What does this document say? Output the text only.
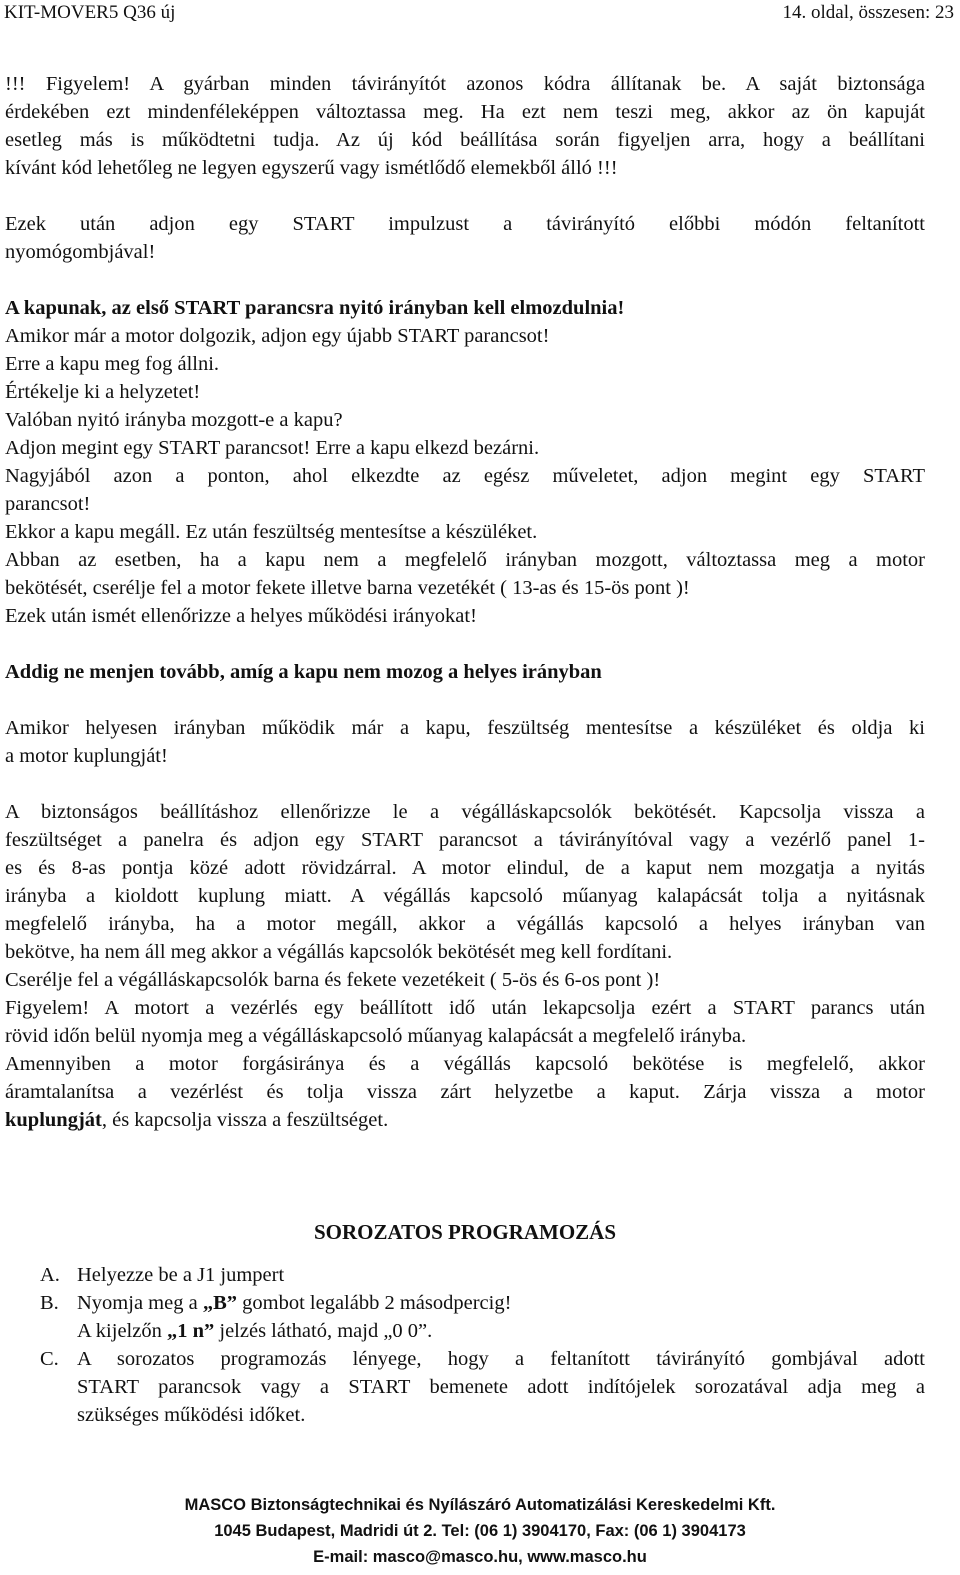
KIT-MOVER5 Q36 új	14. oldal, összesen: 23

!!! Figyelem! A gyárban minden távirányítót azonos kódra állítanak be. A saját biztonsága

érdekében ezt mindenféleképpen változtassa meg. Ha ezt nem teszi meg, akkor az ön kapuját

esetleg más is működtetni tudja. Az új kód beállítása során figyeljen arra, hogy a beállítani

kívánt kód lehetőleg ne legyen egyszerű vagy ismétlődő elemekből álló !!!

Ezek után adjon egy START impulzust a távirányító előbbi módón feltanított

nyomógombjával!

A kapunak, az első START parancsra nyitó irányban kell elmozdulnia!

Amikor már a motor dolgozik, adjon egy újabb START parancsot!

Erre a kapu meg fog állni.

Értékelje ki a helyzetet!

Valóban nyitó irányba mozgott-e a kapu?

Adjon megint egy START parancsot! Erre a kapu elkezd bezárni.

Nagyjából azon a ponton, ahol elkezdte az egész műveletet, adjon megint egy START

parancsot!

Ekkor a kapu megáll. Ez után feszültség mentesítse a készüléket.

Abban az esetben, ha a kapu nem a megfelelő irányban mozgott, változtassa meg a motor

bekötését, cserélje fel a motor fekete illetve barna vezetékét ( 13-as és 15-ös pont )!

Ezek után ismét ellenőrizze a helyes működési irányokat!

Addig ne menjen tovább, amíg a kapu nem mozog a helyes irányban

Amikor helyesen irányban működik már a kapu, feszültség mentesítse a készüléket és oldja ki

a motor kuplungját!

A biztonságos beállításhoz ellenőrizze le a végálláskapcsolók bekötését. Kapcsolja vissza a

feszültséget a panelra és adjon egy START parancsot a távirányítóval vagy a vezérlő panel 1-

es és 8-as pontja közé adott rövidzárral. A motor elindul, de a kaput nem mozgatja a nyitás

irányba a kioldott kuplung miatt. A végállás kapcsoló műanyag kalapácsát tolja a nyitásnak

megfelelő irányba, ha a motor megáll, akkor a végállás kapcsoló a helyes irányban van

bekötve, ha nem áll meg akkor a végállás kapcsolók bekötését meg kell fordítani.

Cserélje fel a végálláskapcsolók barna és fekete vezetékeit ( 5-ös és 6-os pont )!

Figyelem! A motort a vezérlés egy beállított idő után lekapcsolja ezért a START parancs után

rövid időn belül nyomja meg a végálláskapcsoló műanyag kalapácsát a megfelelő irányba.

Amennyiben a motor forgásiránya és a végállás kapcsoló bekötése is megfelelő, akkor

áramtalanítsa a vezérlést és tolja vissza zárt helyzetbe a kaput. Zárja vissza a motor

kuplungját, és kapcsolja vissza a feszültséget.

SOROZATOS PROGRAMOZÁS

A. Helyezze be a J1 jumpert
B. Nyomja meg a „B” gombot legalább 2 másodpercig!
A kijelzőn „1 n” jelzés látható, majd „0 0”.
C. A sorozatos programozás lényege, hogy a feltanított távirányító gombjával adott
START parancsok vagy a START bemenete adott indítójelek sorozatával adja meg a
szükséges működési időket.
MASCO Biztonságtechnikai és Nyílászáró Automatizálási Kereskedelmi Kft.
1045 Budapest, Madridi út 2. Tel: (06 1) 3904170, Fax: (06 1) 3904173
E-mail: masco@masco.hu, www.masco.hu
